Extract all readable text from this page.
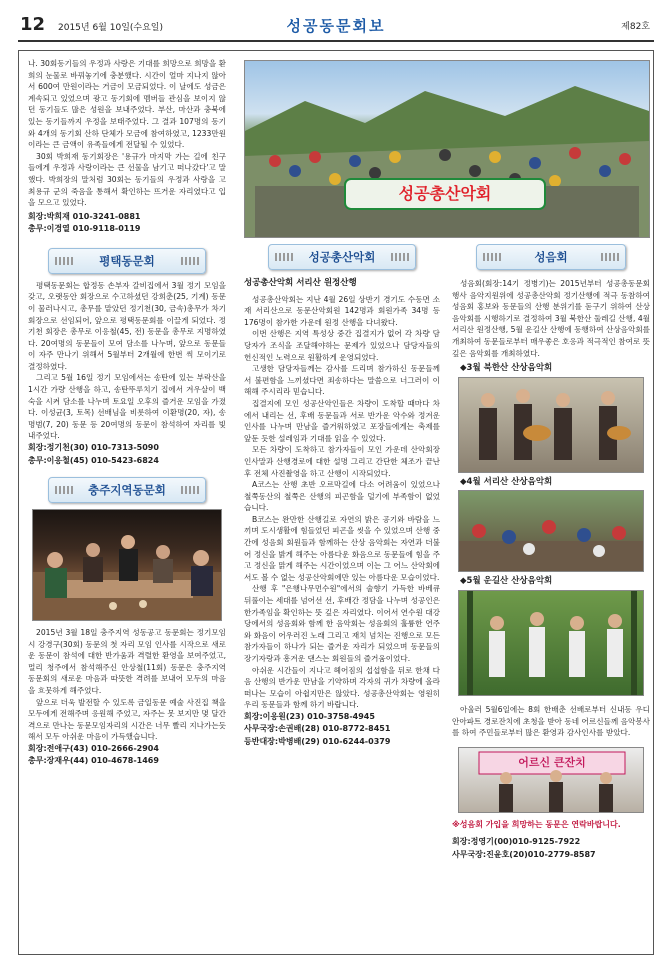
12 2015년 6월 10일(수요일)	성공동문회보	제82호

나. 30회동기들의 우정과 사랑은 기대를 희망으로 희망을 환희의 눈물로 바꿔놓기에 충분했다. 시간이 얼마 지나지 않아서 600여 만원이라는 거금이 모금되었다. 이 날에도 성금은 계속되고 있었으며 광고 동기회에 멤버들 관심을 보이지 않던 동기들도 많은 성원을 보내주었다. 부산, 마산과 충북에 있는 동기들까지 우정을 보태주었다. 그 결과 107명의 동기와 4개의 동기회 산하 단체가 모금에 참여하였고, 1233만원이라는 큰 금액이 유족들에게 전달될 수 있었다.

30회 박희재 동기회장은 '용규가 마지막 가는 길에 친구들에게 우정과 사랑이라는 큰 선물을 남기고 떠나갔다'고 말했다. 박희장의 말처럼 30회는 동기들의 우정과 사랑을 고 최용규 군의 죽음을 통해서 확인하는 뜨거운 자리였다고 입을 모으고 있었다.

회장:박희재 010-3241-0881

총무:이경열 010-9118-0119

평택동문회

평택동문회는 합정동 손부자 갈비집에서 3월 정기 모임을 갖고, 오랫동안 회장으로 수고하셨던 강희춘(25, 기계) 동문이 물러나시고, 총무를 맡았던 정기천(30, 금속)총무가 차기 회장으로 선임되어, 앞으로 평택동문회를 이끌게 되었다. 정기천 회장은 총무로 이응철(45, 전) 동문을 총무로 지명하였다. 20여명의 동문들이 모여 담소를 나누며, 앞으로 동문들이 자주 만나기 위해서 5월부터 2개월에 한번 씩 모이기로 결정하였다.

그리고 5월 16일 정기 모임에서는 송탄에 있는 부락산을 1시간 가량 산행을 하고, 송탄뚜루치기 집에서 겨우살이 백숙을 시켜 담소를 나누며 토요일 오후의 즐거운 모임을 가졌다. 이성균(3, 토목) 선배님을 비롯하여 이환명(20, 자), 송명범(7, 20) 동문 등 20여명의 동문이 참석하여 자리를 빛내주었다.

회장:정기천(30) 010-7313-5090

총무:이응철(45) 010-5423-6824

충주지역동문회

2015년 3월 18일 충주지역 성동공고 동문회는 정기모임시 강경구(30회) 동문의 첫 자리 모임 인사를 시작으로 새로운 동문이 참석에 대한 반가움과 격렬한 환영을 보여주었고, 멀리 청주에서 참석해주신 안상철(11회) 동문은 충주지역 동문회의 새로운 마음과 따뜻한 격려를 보내어 모두의 마음을 흐뭇하게 해주었다.

앞으로 더욱 발전할 수 있도록 금일동문 예술 사진집 책을 모두에게 전해주며 응원해 주었고, 자주는 못 보지만 몇 달간격으로 만나는 동문모임자리의 시간은 너무 빨리 지나가는듯해서 모두 아쉬운 마음이 가득했습니다.

회장:전애구(43) 010-2666-2904

총무:장재우(44) 010-4678-1469

성공총산악회
성공총산악회

성공총산악회 서리산 원정산행

성공총산악회는 지난 4월 26일 상반기 경기도 수동면 소재 서리산으로 동문산악회원 142명과 회원가족 34명 등 176명이 참가한 가운데 원정 산행을 다녀왔다.

이번 산행은 지역 특성상 중간 집결지가 없어 각 차량 담당자가 조식을 조달해야하는 문제가 있었으나 담당자들의 헌신적인 노력으로 원활하게 운영되었다.

고생한 담당자들께는 감사를 드리며 참가하신 동문들께서 불편함을 느끼셨다면 죄송하다는 말씀으로 너그러이 이해해 주시리라 믿습니다.

집결지에 모인 성공산악인들은 차량이 도착할 때마다 차에서 내리는 선, 후배 동문들과 서로 반가운 악수와 정겨운 인사를 나누며 만남을 즐거워하였고 포장들에게는 축제를 앞둔 듯한 설레임과 기대를 읽을 수 있었다.

모든 차량이 도착하고 참가자들이 모인 가운데 산악회장 인사말과 산행경로에 대한 설명 그리고 간단한 체조가 끝난 후 전체 사진촬영을 하고 산행이 시작되었다.

A코스는 산행 초반 오르막길에 다소 어려움이 있었으나 철쭉동산의 철쭉은 산행의 피곤함을 덜기에 부족함이 없었습니다.

B코스는 완만한 산행길로 자연의 밝은 공기와 바람을 느끼며 도시생활에 힘들었던 피곤을 씻을 수 있었으며 산행 중간에 성음회 회원들과 함께하는 산상 음악회는 자연과 더불어 정신을 밝게 해주는 아름다운 화음으로 동문들에 힘을 주고 정신을 맑게 해주는 시간이었으며 이는 그 어느 산악회에서도 볼 수 없는 성공산악회에만 있는 아름다운 모습이었다.

산행 후 "은행나무먼수원"에서의 술향기 가득한 바베큐 뒤풀이는 세대를 넘어선 선, 후배간 정담을 나누며 성공인은 한가족임을 확인하는 뜻 깊은 자리였다. 이어서 연수원 대강당에서의 성음회와 함께 한 음악회는 성음회의 훌륭한 연주와 화음이 어우러진 노래 그리고 재치 넘치는 진행으로 모든 참가자들이 하나가 되는 즐거운 자리가 되었으며 동문들의 장기자랑과 흥겨운 댄스는 회원들의 즐거움이었다.

아쉬운 시간들이 지나고 헤어짐의 섭섭함을 뒤로 한채 다음 산행의 반가운 만남을 기약하며 각자의 귀가 차량에 올라 떠나는 모습이 아쉽지만은 않았다. 성공총산악회는 영원히 우리 동문들과 함께 하기 바랍니다.

회장:이응원(23) 010-3758-4945

사무국장:손권배(28) 010-8772-8451

등반대장:박병배(29) 010-6244-0379

성음회

성음회(회장:14기 정병기)는 2015년부터 성공총동문회 행사 음악지원위에 성공총산악회 정기산행에 적극 동참하여 성음회 홍보와 동문들의 산행 분위기를 돋구기 위하여 산상음악회를 시행하기로 결정하여 3월 북한산 둘레길 산행, 4월 서리산 원정산행, 5월 운길산 산행에 동행하여 산상음악회를 개최하여 동문들로부터 매우좋은 호응과 적극적인 참여로 뜻깊은 음악회를 개최하였다.

◆3월 북한산 산상음악회

◆4월 서리산 산상음악회

◆5월 운길산 산상음악회

아울러 5월6일에는 8회 한배춘 선배로부터 신내동 우디안아파트 경로잔치에 초청을 받아 동네 어르신들께 음악봉사를 하여 주민들로부터 많은 환영과 감사인사를 받았다.

어르신 큰잔치

※성음회 가입을 희망하는 동문은 연락바랍니다.

회장:정영기(00)010-9125-7922

사무국장:진윤호(20)010-2779-8587
